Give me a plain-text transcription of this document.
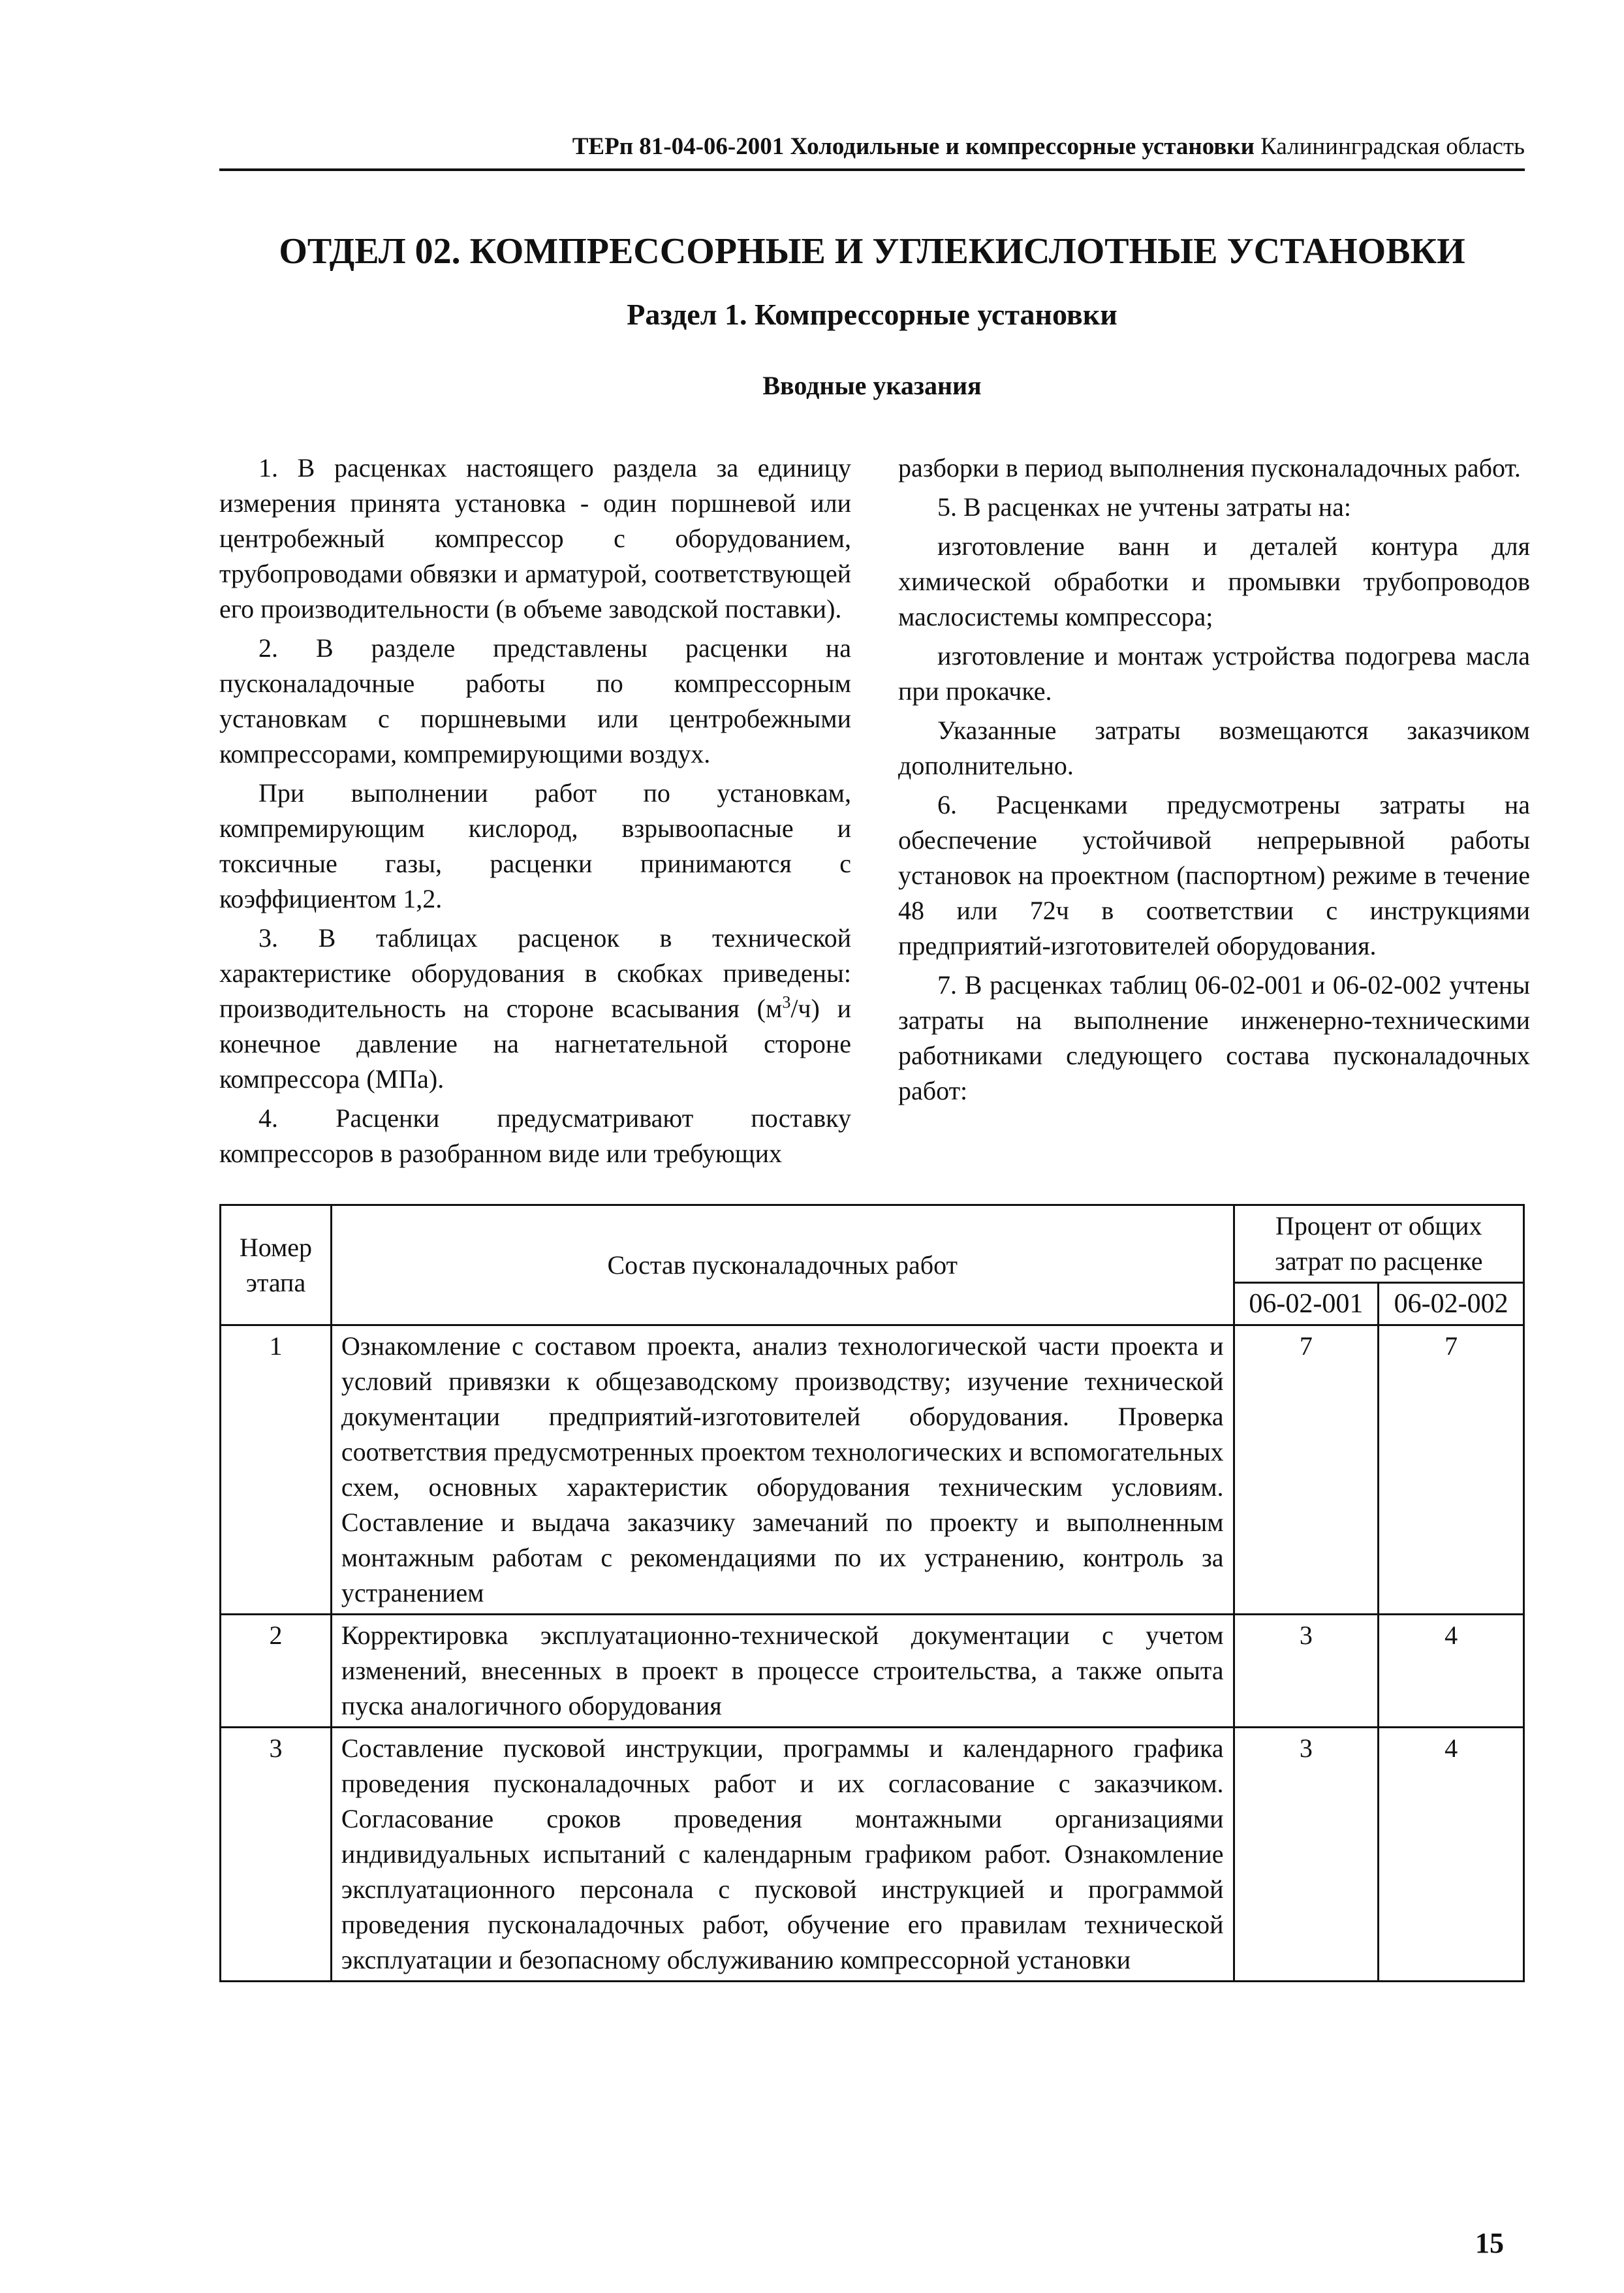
ТЕРп 81-04-06-2001 Холодильные и компрессорные установки Калининградская область
ОТДЕЛ 02. КОМПРЕССОРНЫЕ И УГЛЕКИСЛОТНЫЕ УСТАНОВКИ
Раздел 1. Компрессорные установки
Вводные указания

1. В расценках настоящего раздела за единицу измерения принята установка - один поршневой или центробежный компрессор с оборудованием, трубопроводами обвязки и арматурой, соответствующей его производительности (в объеме заводской поставки).

2. В разделе представлены расценки на пусконаладочные работы по компрессорным установкам с поршневыми или центробежными компрессорами, компремирующими воздух.

При выполнении работ по установкам, компремирующим кислород, взрывоопасные и токсичные газы, расценки принимаются с коэффициентом 1,2.

3. В таблицах расценок в технической характеристике оборудования в скобках приведены: производительность на стороне всасывания $(м^3/ч)$ и конечное давление на нагнетательной стороне компрессора (МПа).

4. Расценки предусматривают поставку компрессоров в разобранном виде или требующих

разборки в период выполнения пусконаладочных работ.

5. В расценках не учтены затраты на:

изготовление ванн и деталей контура для химической обработки и промывки трубопроводов маслосистемы компрессора;

изготовление и монтаж устройства подогрева масла при прокачке.

Указанные затраты возмещаются заказчиком дополнительно.

6. Расценками предусмотрены затраты на обеспечение устойчивой непрерывной работы установок на проектном (паспортном) режиме в течение 48 или 72ч в соответствии с инструкциями предприятий-изготовителей оборудования.

7. В расценках таблиц 06-02-001 и 06-02-002 учтены затраты на выполнение инженерно-техническими работниками следующего состава пусконаладочных работ:

Номер этапа	Состав пусконаладочных работ	Процент от общих затрат по расценке	
		06-02-001	06-02-002
1	Ознакомление с составом проекта, анализ технологической части проекта и условий привязки к общезаводскому производству; изучение технической документации предприятий-изготовителей оборудования. Проверка соответствия предусмотренных проектом технологических и вспомогательных схем, основных характеристик оборудования техническим условиям. Составление и выдача заказчику замечаний по проекту и выполненным монтажным работам с рекомендациями по их устранению, контроль за устранением	7	7
2	Корректировка эксплуатационно-технической документации с учетом изменений, внесенных в проект в процессе строительства, а также опыта пуска аналогичного оборудования	3	4
3	Составление пусковой инструкции, программы и календарного графика проведения пусконаладочных работ и их согласование с заказчиком. Согласование сроков проведения монтажными организациями индивидуальных испытаний с календарным графиком работ. Ознакомление эксплуатационного персонала с пусковой инструкцией и программой проведения пусконаладочных работ, обучение его правилам технической эксплуатации и безопасному обслуживанию компрессорной установки	3	4
15
